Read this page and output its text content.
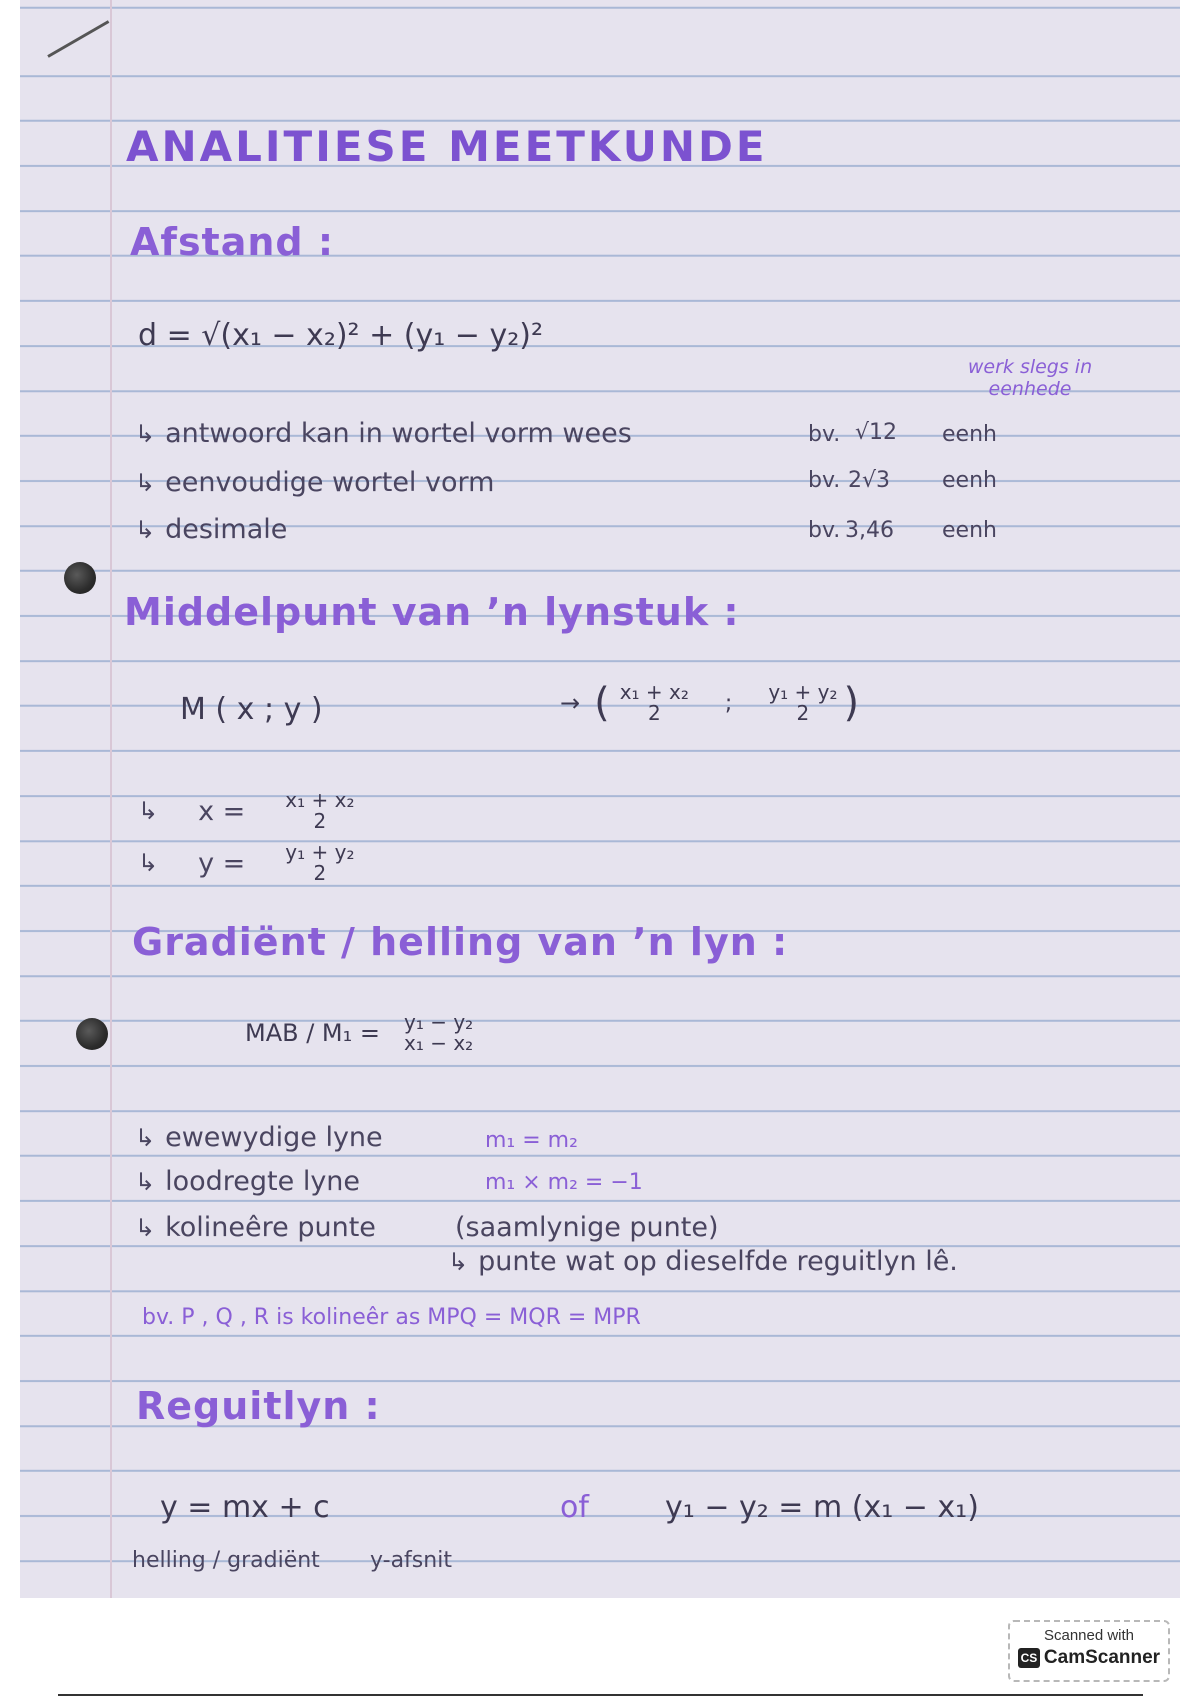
ANALITIESE MEETKUNDE
Afstand :
d = √(x₁ − x₂)² + (y₁ − y₂)²
werk slegs in eenhede
↳ antwoord kan in wortel vorm wees	bv. √12 eenh
↳ eenvoudige wortel vorm	bv. 2√3 eenh
↳ desimale	bv. 3,46 eenh
Middelpunt van ʼn lynstuk :
M ( x ; y )	→ ( x₁ + x₂
2	; y₁ + y₂
2 )
↳ x = x₁ + x₂
2
↳ y = y₁ + y₂
2
Gradiënt / helling van ʼn lyn :
MAB / M₁ = y₁ − y₂
x₁ − x₂
↳ ewewydige lyne	m₁ = m₂
↳ loodregte lyne	m₁ × m₂ = −1
↳ kolineêre punte	(saamlynige punte)
↳ punte wat op dieselfde reguitlyn lê.
bv. P , Q , R is kolineêr as MPQ = MQR = MPR
Reguitlyn :
y = mx + c	of	y₁ − y₂ = m (x₁ − x₁)
helling / gradiënt y-afsnit
Scanned with
CS CamScanner
